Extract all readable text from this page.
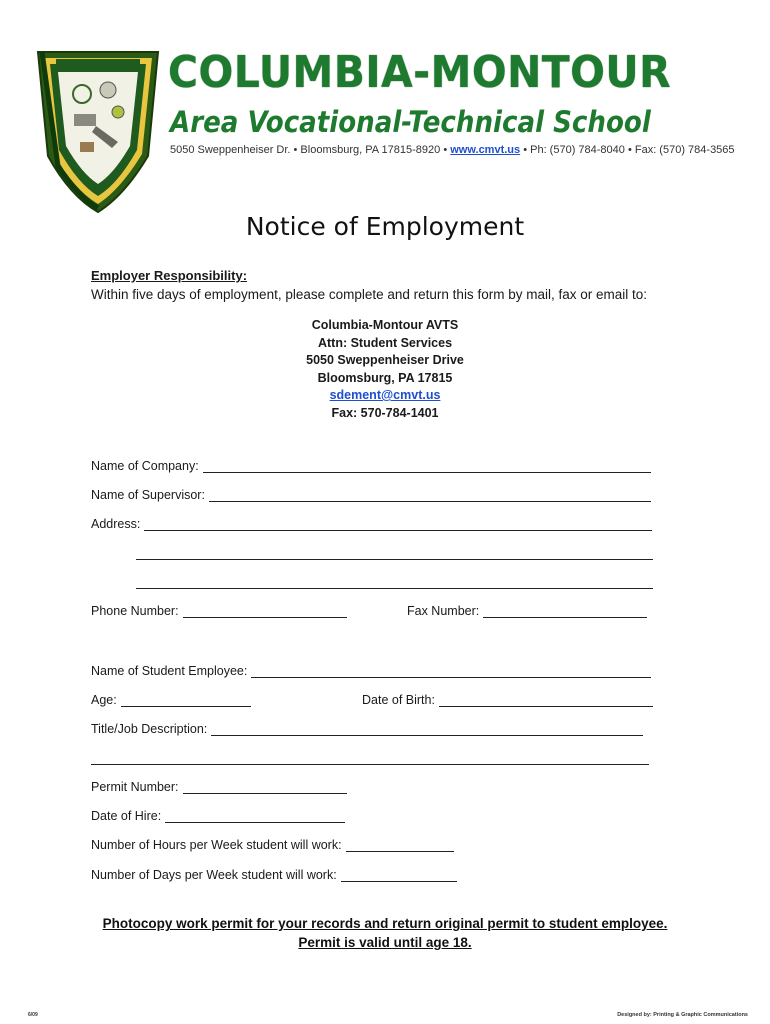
COLUMBIA-MONTOUR
Area Vocational-Technical School
5050 Sweppenheiser Dr. • Bloomsburg, PA 17815-8920 • www.cmvt.us • Ph: (570) 784-8040 • Fax: (570) 784-3565
Notice of Employment
Employer Responsibility:
Within five days of employment, please complete and return this form by mail, fax or email to:
Columbia-Montour AVTS
Attn: Student Services
5050 Sweppenheiser Drive
Bloomsburg, PA 17815
sdement@cmvt.us
Fax: 570-784-1401
Name of Company:
Name of Supervisor:
Address:
Phone Number:	Fax Number:
Name of Student Employee:
Age:	Date of Birth:
Title/Job Description:
Permit Number:
Date of Hire:
Number of Hours per Week student will work:
Number of Days per Week student will work:
Photocopy work permit for your records and return original permit to student employee.
Permit is valid until age 18.
6/09	Designed by: Printing & Graphic Communications
